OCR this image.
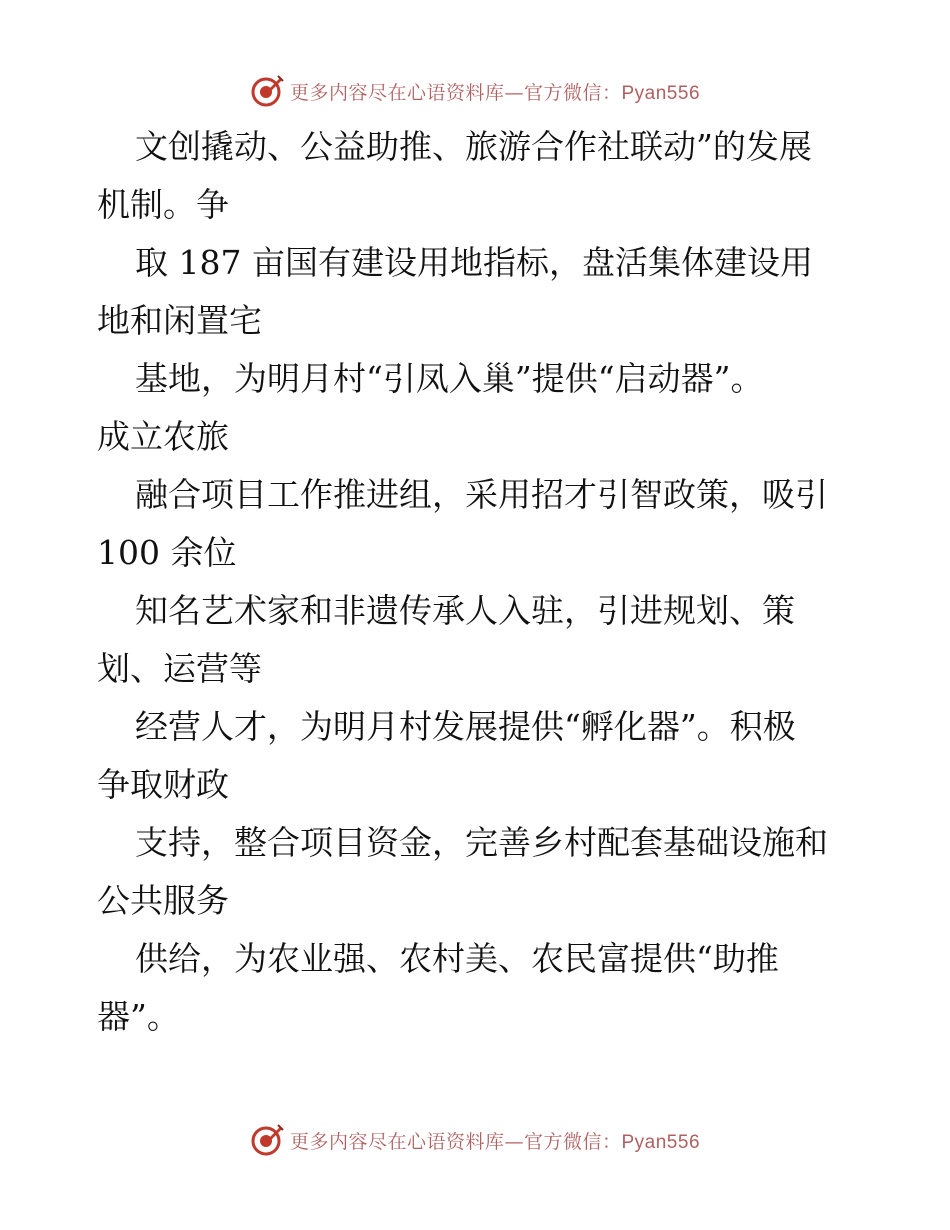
更多内容尽在心语资料库—官方微信：Pyan556
文创撬动、公益助推、旅游合作社联动”的发展
机制。争
取 187 亩国有建设用地指标，盘活集体建设用
地和闲置宅
基地，为明月村“引凤入巢”提供“启动器”。
成立农旅
融合项目工作推进组，采用招才引智政策，吸引
100 余位
知名艺术家和非遗传承人入驻，引进规划、策
划、运营等
经营人才，为明月村发展提供“孵化器”。积极
争取财政
支持，整合项目资金，完善乡村配套基础设施和
公共服务
供给，为农业强、农村美、农民富提供“助推
器”。
更多内容尽在心语资料库—官方微信：Pyan556
